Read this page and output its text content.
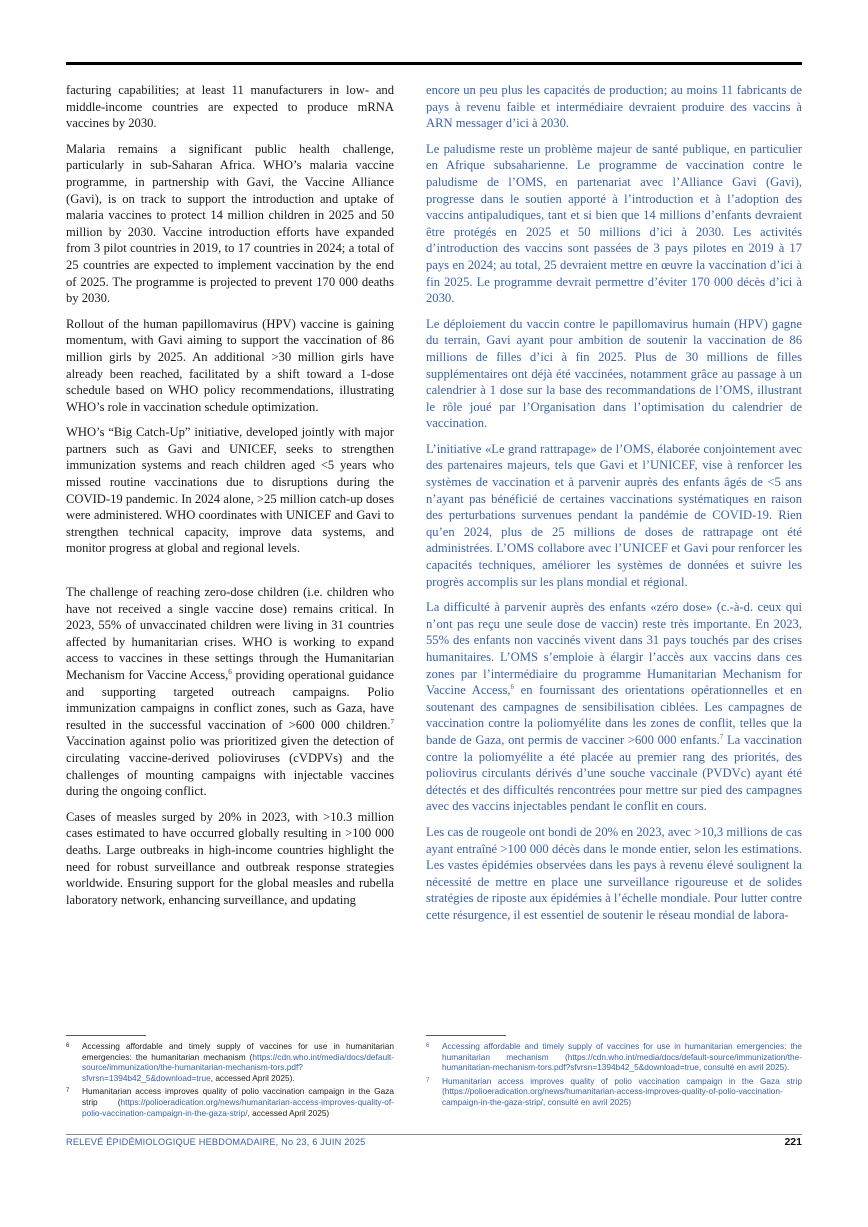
facturing capabilities; at least 11 manufacturers in low- and middle-income countries are expected to produce mRNA vaccines by 2030.

Malaria remains a significant public health challenge, particularly in sub-Saharan Africa. WHO’s malaria vaccine programme, in partnership with Gavi, the Vaccine Alliance (Gavi), is on track to support the introduction and uptake of malaria vaccines to protect 14 million children in 2025 and 50 million by 2030. Vaccine introduction efforts have expanded from 3 pilot countries in 2019, to 17 countries in 2024; a total of 25 countries are expected to implement vaccination by the end of 2025. The programme is projected to prevent 170 000 deaths by 2030.

Rollout of the human papillomavirus (HPV) vaccine is gaining momentum, with Gavi aiming to support the vaccination of 86 million girls by 2025. An additional >30 million girls have already been reached, facilitated by a shift toward a 1-dose schedule based on WHO policy recommendations, illustrating WHO’s role in vaccination schedule optimization.

WHO’s “Big Catch-Up” initiative, developed jointly with major partners such as Gavi and UNICEF, seeks to strengthen immunization systems and reach children aged <5 years who missed routine vaccinations due to disruptions during the COVID-19 pandemic. In 2024 alone, >25 million catch-up doses were administered. WHO coordinates with UNICEF and Gavi to strengthen technical capacity, improve data systems, and monitor progress at global and regional levels.

The challenge of reaching zero-dose children (i.e. children who have not received a single vaccine dose) remains critical. In 2023, 55% of unvaccinated children were living in 31 countries affected by humanitarian crises. WHO is working to expand access to vaccines in these settings through the Humanitarian Mechanism for Vaccine Access,$^6$ providing operational guidance and supporting targeted outreach campaigns. Polio immunization campaigns in conflict zones, such as Gaza, have resulted in the successful vaccination of >600 000 children.$^7$ Vaccination against polio was prioritized given the detection of circulating vaccine-derived polioviruses (cVDPVs) and the challenges of mounting campaigns with injectable vaccines during the ongoing conflict.

Cases of measles surged by 20% in 2023, with >10.3 million cases estimated to have occurred globally resulting in >100 000 deaths. Large outbreaks in high-income countries highlight the need for robust surveillance and outbreak response strategies worldwide. Ensuring support for the global measles and rubella laboratory network, enhancing surveillance, and updating

encore un peu plus les capacités de production; au moins 11 fabricants de pays à revenu faible et intermédiaire devraient produire des vaccins à ARN messager d’ici à 2030.

Le paludisme reste un problème majeur de santé publique, en particulier en Afrique subsaharienne. Le programme de vaccination contre le paludisme de l’OMS, en partenariat avec l’Alliance Gavi (Gavi), progresse dans le soutien apporté à l’introduction et à l’adoption des vaccins antipaludiques, tant et si bien que 14 millions d’enfants devraient être protégés en 2025 et 50 millions d’ici à 2030. Les activités d’introduction des vaccins sont passées de 3 pays pilotes en 2019 à 17 pays en 2024; au total, 25 devraient mettre en œuvre la vaccination d’ici à fin 2025. Le programme devrait permettre d’éviter 170 000 décès d’ici à 2030.

Le déploiement du vaccin contre le papillomavirus humain (HPV) gagne du terrain, Gavi ayant pour ambition de soutenir la vaccination de 86 millions de filles d’ici à fin 2025. Plus de 30 millions de filles supplémentaires ont déjà été vaccinées, notamment grâce au passage à un calendrier à 1 dose sur la base des recommandations de l’OMS, illustrant le rôle joué par l’Organisation dans l’optimisation du calendrier de vaccination.

L’initiative «Le grand rattrapage» de l’OMS, élaborée conjointement avec des partenaires majeurs, tels que Gavi et l’UNICEF, vise à renforcer les systèmes de vaccination et à parvenir auprès des enfants âgés de <5 ans n’ayant pas bénéficié de certaines vaccinations systématiques en raison des perturbations survenues pendant la pandémie de COVID-19. Rien qu’en 2024, plus de 25 millions de doses de rattrapage ont été administrées. L’OMS collabore avec l’UNICEF et Gavi pour renforcer les capacités techniques, améliorer les systèmes de données et suivre les progrès accomplis sur les plans mondial et régional.

La difficulté à parvenir auprès des enfants «zéro dose» (c.-à-d. ceux qui n’ont pas reçu une seule dose de vaccin) reste très importante. En 2023, 55% des enfants non vaccinés vivent dans 31 pays touchés par des crises humanitaires. L’OMS s’emploie à élargir l’accès aux vaccins dans ces zones par l’intermédiaire du programme Humanitarian Mechanism for Vaccine Access,$^6$ en fournissant des orientations opérationnelles et en soutenant des campagnes de sensibilisation ciblées. Les campagnes de vaccination contre la poliomyélite dans les zones de conflit, telles que la bande de Gaza, ont permis de vacciner >600 000 enfants.$^7$ La vaccination contre la poliomyélite a été placée au premier rang des priorités, des poliovirus circulants dérivés d’une souche vaccinale (PVDVc) ayant été détectés et des difficultés rencontrées pour mettre sur pied des campagnes avec des vaccins injectables pendant le conflit en cours.

Les cas de rougeole ont bondi de 20% en 2023, avec >10,3 millions de cas ayant entraîné >100 000 décès dans le monde entier, selon les estimations. Les vastes épidémies observées dans les pays à revenu élevé soulignent la nécessité de mettre en place une surveillance rigoureuse et de solides stratégies de riposte aux épidémies à l’échelle mondiale. Pour lutter contre cette résurgence, il est essentiel de soutenir le réseau mondial de labora-

6 Accessing affordable and timely supply of vaccines for use in humanitarian emergencies: the humanitarian mechanism (https://cdn.who.int/media/docs/default-source/immunization/the-humanitarian-mechanism-tors.pdf?sfvrsn=1394b42_5&download=true, accessed April 2025).
7 Humanitarian access improves quality of polio vaccination campaign in the Gaza strip (https://polioeradication.org/news/humanitarian-access-improves-quality-of-polio-vaccination-campaign-in-the-gaza-strip/, accessed April 2025)
6 Accessing affordable and timely supply of vaccines for use in humanitarian emergencies: the humanitarian mechanism (https://cdn.who.int/media/docs/default-source/immunization/the-humanitarian-mechanism-tors.pdf?sfvrsn=1394b42_5&download=true, consulté en avril 2025).
7 Humanitarian access improves quality of polio vaccination campaign in the Gaza strip (https://polioeradication.org/news/humanitarian-access-improves-quality-of-polio-vaccination-campaign-in-the-gaza-strip/, consulté en avril 2025)
RELEVÉ ÉPIDÉMIOLOGIQUE HEBDOMADAIRE, No 23, 6 JUIN 2025	221
